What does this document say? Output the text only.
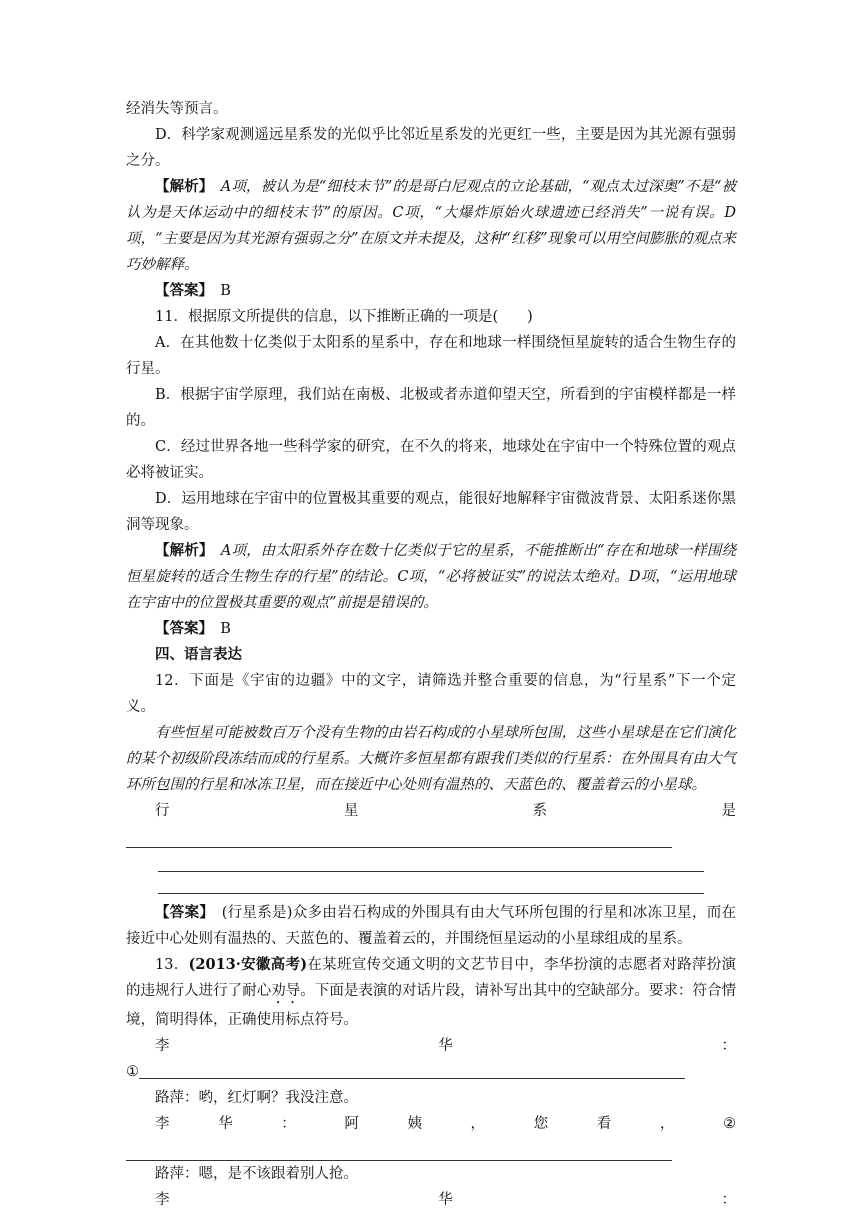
经消失等预言。

D．科学家观测遥远星系发的光似乎比邻近星系发的光更红一些，主要是因为其光源有强弱之分。

【解析】　 A项，被认为是“细枝末节”的是哥白尼观点的立论基础，“观点太过深奥”不是“被认为是天体运动中的细枝末节”的原因。C项，“大爆炸原始火球遗迹已经消失”一说有误。D项，“主要是因为其光源有强弱之分”在原文并未提及，这种“红移”现象可以用空间膨胀的观点来巧妙解释。

【答案】　 B

11．根据原文所提供的信息，以下推断正确的一项是(　　)

A．在其他数十亿类似于太阳系的星系中，存在和地球一样围绕恒星旋转的适合生物生存的行星。

B．根据宇宙学原理，我们站在南极、北极或者赤道仰望天空，所看到的宇宙模样都是一样的。

C．经过世界各地一些科学家的研究，在不久的将来，地球处在宇宙中一个特殊位置的观点必将被证实。

D．运用地球在宇宙中的位置极其重要的观点，能很好地解释宇宙微波背景、太阳系迷你黑洞等现象。

【解析】　 A项，由太阳系外存在数十亿类似于它的星系，不能推断出“存在和地球一样围绕恒星旋转的适合生物生存的行星”的结论。C项，“必将被证实”的说法太绝对。D项，“运用地球在宇宙中的位置极其重要的观点”前提是错误的。

【答案】　 B

四、语言表达

12．下面是《宇宙的边疆》中的文字，请筛选并整合重要的信息，为“行星系”下一个定义。

有些恒星可能被数百万个没有生物的由岩石构成的小星球所包围，这些小星球是在它们演化的某个初级阶段冻结而成的行星系。大概许多恒星都有跟我们类似的行星系：在外围具有由大气环所包围的行星和冰冻卫星，而在接近中心处则有温热的、天蓝色的、覆盖着云的小星球。

行	星	系	是

【答案】　 (行星系是)众多由岩石构成的外围具有由大气环所包围的行星和冰冻卫星，而在接近中心处则有温热的、天蓝色的、覆盖着云的，并围绕恒星运动的小星球组成的星系。

13．(2013·安徽高考)在某班宣传交通文明的文艺节目中，李华扮演的志愿者对路萍扮演的违规行人进行了耐心劝导。下面是表演的对话片段，请补写出其中的空缺部分。要求：符合情境，简明得体，正确使用标点符号。

李	华	：
①

路萍：哟，红灯啊？我没注意。

李	华	：	阿	姨	，	您	看	，	②

路萍：嗯，是不该跟着别人抢。

李	华	：
